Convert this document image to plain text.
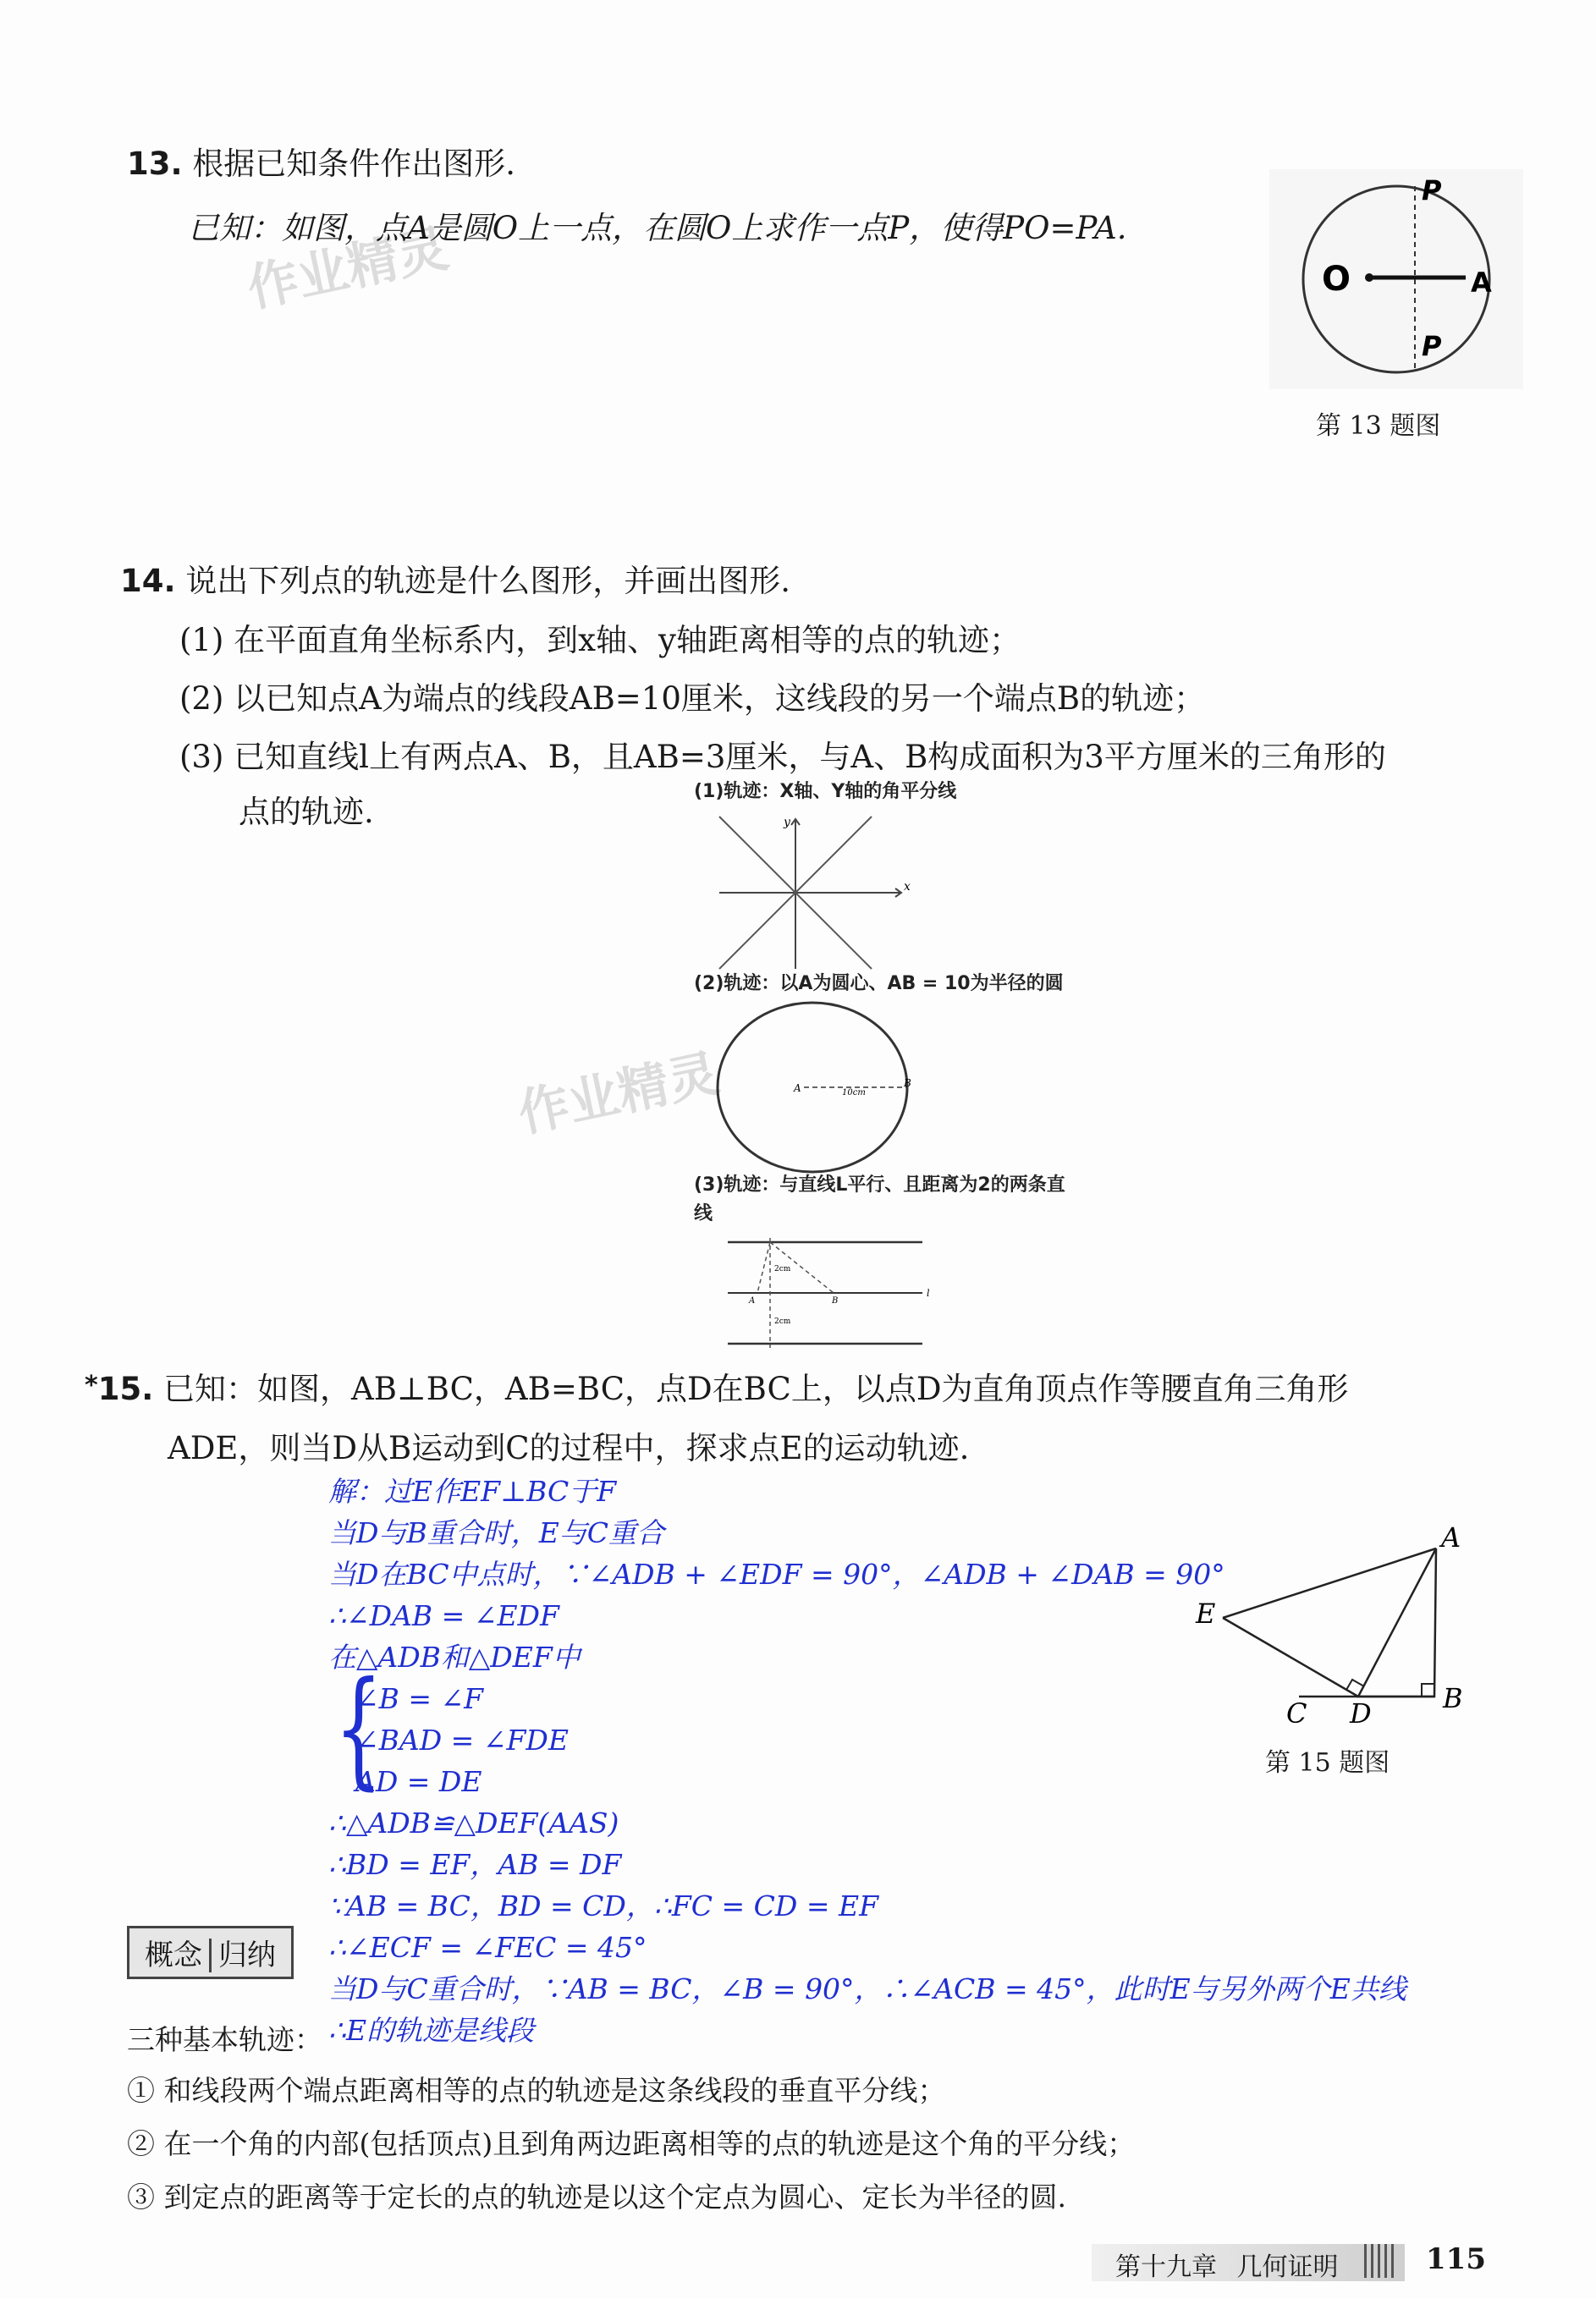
13. 根据已知条件作出图形.
已知：如图，点A是圆O上一点，在圆O上求作一点P，使得PO=PA.
作业精灵	O	A
P
P
第 13 题图
14. 说出下列点的轨迹是什么图形，并画出图形.
(1) 在平面直角坐标系内，到x轴、y轴距离相等的点的轨迹；
(2) 以已知点A为端点的线段AB=10厘米，这线段的另一个端点B的轨迹；
(3) 已知直线l上有两点A、B，且AB=3厘米，与A、B构成面积为3平方厘米的三角形的
点的轨迹.
(1)轨迹：X轴、Y轴的角平分线
x
y
(2)轨迹：以A为圆心、AB = 10为半径的圆
A	B
10cm
作业精灵
(3)轨迹：与直线L平行、且距离为2的两条直
线
A	B
l
2cm
2cm
*15. 已知：如图，AB⊥BC，AB=BC，点D在BC上，以点D为直角顶点作等腰直角三角形
ADE，则当D从B运动到C的过程中，探求点E的运动轨迹.
解：过E作EF⊥BC于F
当D与B重合时，E与C重合
当D在BC中点时，∵∠ADB + ∠EDF = 90°，∠ADB + ∠DAB = 90°
∴∠DAB = ∠EDF
在△ADB和△DEF中
{
∠B = ∠F
∠BAD = ∠FDE
AD = DE
∴△ADB≌△DEF(AAS)
∴BD = EF，AB = DF
∵AB = BC，BD = CD，∴FC = CD = EF
∴∠ECF = ∠FEC = 45°
当D与C重合时，∵AB = BC，∠B = 90°，∴∠ACB = 45°，此时E与另外两个E共线
∴E的轨迹是线段
A
B
C D
E
第 15 题图
概念 归纳
三种基本轨迹：
① 和线段两个端点距离相等的点的轨迹是这条线段的垂直平分线；
② 在一个角的内部(包括顶点)且到角两边距离相等的点的轨迹是这个角的平分线；
③ 到定点的距离等于定长的点的轨迹是以这个定点为圆心、定长为半径的圆.
第十九章 几何证明	115
